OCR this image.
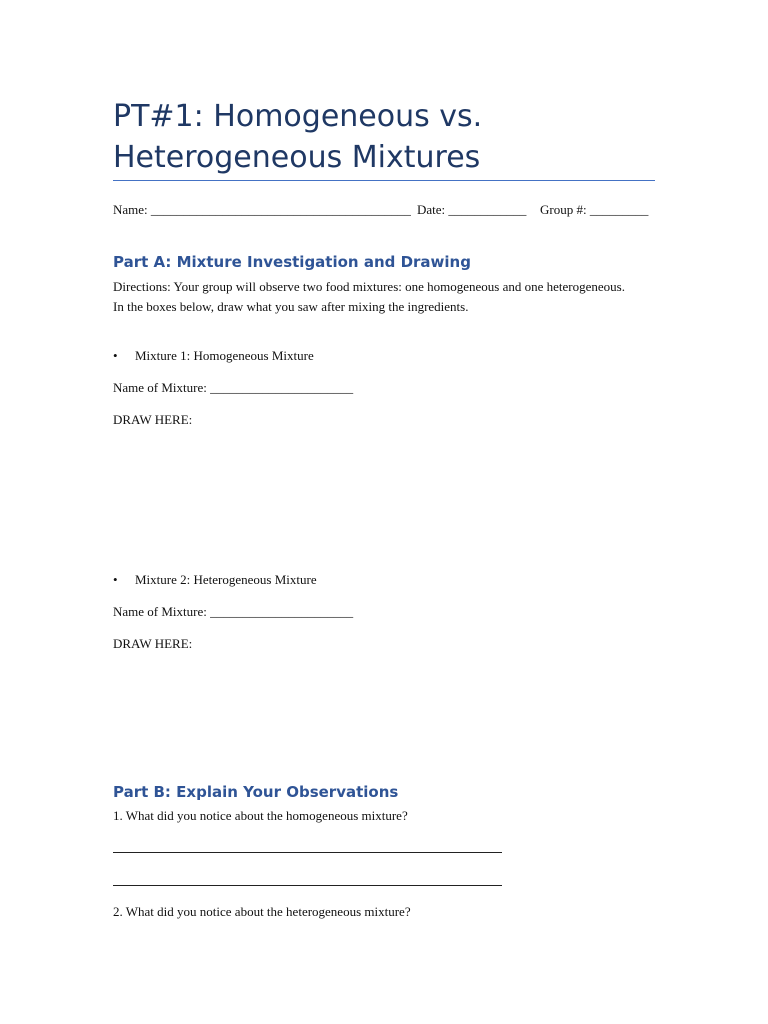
PT#1: Homogeneous vs. Heterogeneous Mixtures
Name: ________________________________________ Date: ____________ Group #: _________
Part A: Mixture Investigation and Drawing
Directions: Your group will observe two food mixtures: one homogeneous and one heterogeneous.
In the boxes below, draw what you saw after mixing the ingredients.
• Mixture 1: Homogeneous Mixture
Name of Mixture: ______________________
DRAW HERE:
• Mixture 2: Heterogeneous Mixture
Name of Mixture: ______________________
DRAW HERE:
Part B: Explain Your Observations
1. What did you notice about the homogeneous mixture?
2. What did you notice about the heterogeneous mixture?
